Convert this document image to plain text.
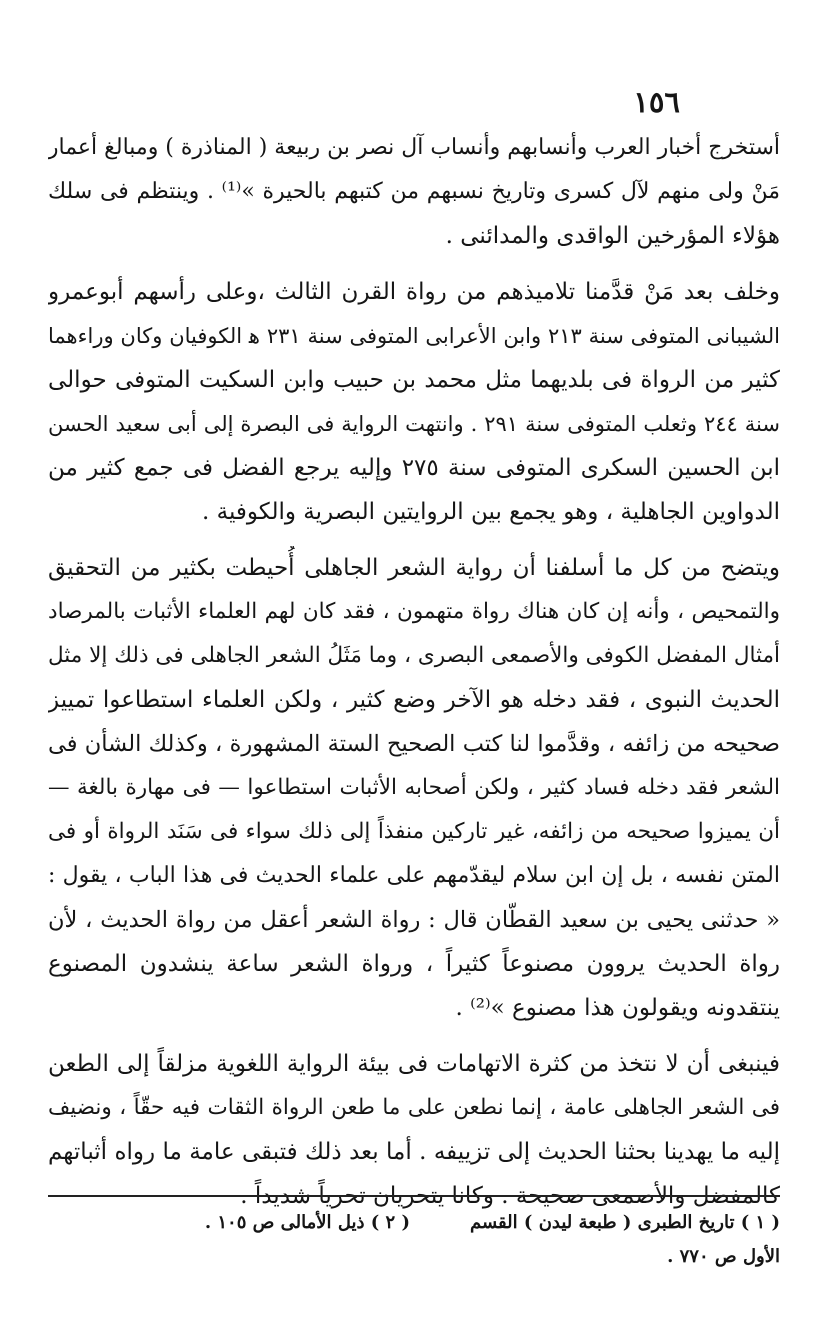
١٥٦
أستخرج أخبار العرب وأنسابهم وأنساب آل نصر بن ربيعة ( المناذرة ) ومبالغ أعمار
مَنْ ولى منهم لآل كسرى وتاريخ نسبهم من كتبهم بالحيرة »⁽¹⁾ . وينتظم فى سلك
هؤلاء المؤرخين الواقدى والمدائنى .
وخلف بعد مَنْ قدَّمنا تلاميذهم من رواة القرن الثالث ،وعلى رأسهم أبوعمرو
الشيبانى المتوفى سنة ٢١٣ وابن الأعرابى المتوفى سنة ٢٣١ ﻫ الكوفيان وكان وراءهما
كثير من الرواة فى بلديهما مثل محمد بن حبيب وابن السكيت المتوفى حوالى
سنة ٢٤٤ وثعلب المتوفى سنة ٢٩١ . وانتهت الرواية فى البصرة إلى أبى سعيد الحسن
ابن الحسين السكرى المتوفى سنة ٢٧٥ وإليه يرجع الفضل فى جمع كثير من
الدواوين الجاهلية ، وهو يجمع بين الروايتين البصرية والكوفية .
ويتضح من كل ما أسلفنا أن رواية الشعر الجاهلى أُحيطت بكثير من التحقيق
والتمحيص ، وأنه إن كان هناك رواة متهمون ، فقد كان لهم العلماء الأثبات بالمرصاد
أمثال المفضل الكوفى والأصمعى البصرى ، وما مَثَلُ الشعر الجاهلى فى ذلك إلا مثل
الحديث النبوى ، فقد دخله هو الآخر وضع كثير ، ولكن العلماء استطاعوا تمييز
صحيحه من زائفه ، وقدَّموا لنا كتب الصحيح الستة المشهورة ، وكذلك الشأن فى
الشعر فقد دخله فساد كثير ، ولكن أصحابه الأثبات استطاعوا — فى مهارة بالغة —
أن يميزوا صحيحه من زائفه، غير تاركين منفذاً إلى ذلك سواء فى سَنَد الرواة أو فى
المتن نفسه ، بل إن ابن سلام ليقدّمهم على علماء الحديث فى هذا الباب ، يقول :
« حدثنى يحيى بن سعيد القطّان قال : رواة الشعر أعقل من رواة الحديث ، لأن
رواة الحديث يروون مصنوعاً كثيراً ، ورواة الشعر ساعة ينشدون المصنوع
ينتقدونه ويقولون هذا مصنوع »⁽²⁾ .
فينبغى أن لا نتخذ من كثرة الاتهامات فى بيئة الرواية اللغوية مزلقاً إلى الطعن
فى الشعر الجاهلى عامة ، إنما نطعن على ما طعن الرواة الثقات فيه حقّاً ، ونضيف
إليه ما يهدينا بحثنا الحديث إلى تزييفه . أما بعد ذلك فتبقى عامة ما رواه أثباتهم
كالمفضل والأصمعى صحيحة . وكانا يتحريان تحرياً شديداً .
( ١ ) تاريخ الطبرى ( طبعة ليدن ) القسم
( ٢ ) ذيل الأمالى ص ١٠٥ .
الأول ص ٧٧٠ .
